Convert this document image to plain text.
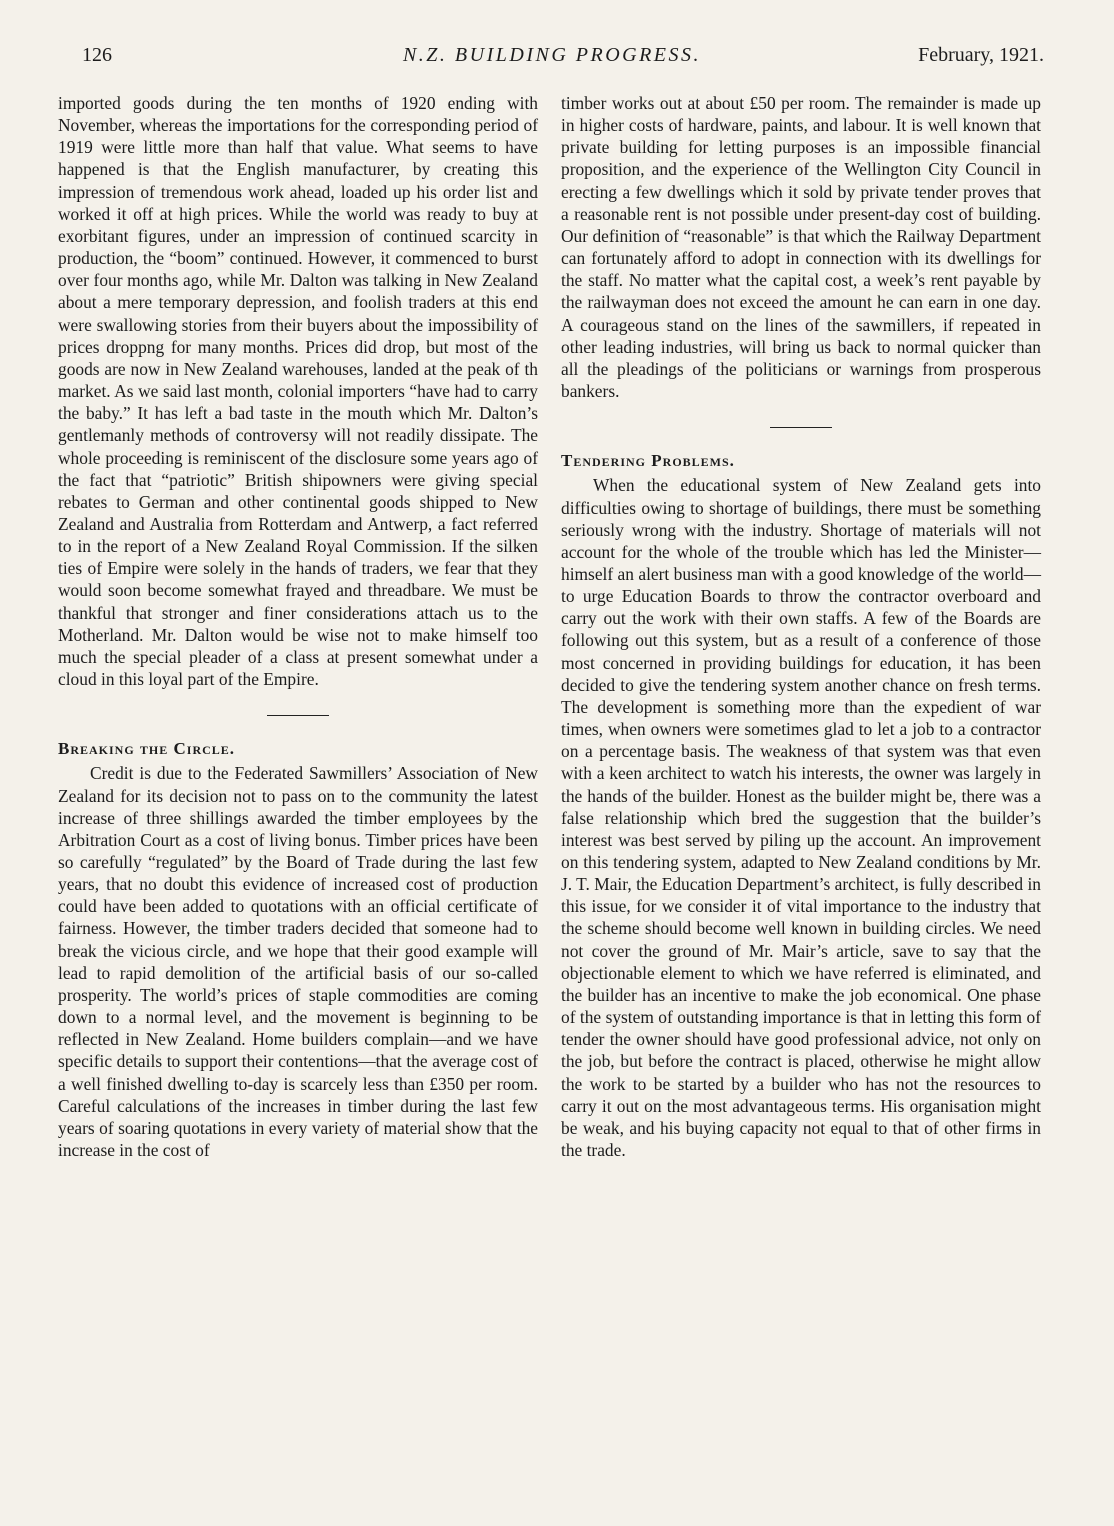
126	N.Z. BUILDING PROGRESS.	February, 1921.

imported goods during the ten months of 1920 ending with November, whereas the importations for the corresponding period of 1919 were little more than half that value. What seems to have happened is that the English manufacturer, by creating this impression of tremendous work ahead, loaded up his order list and worked it off at high prices. While the world was ready to buy at exorbitant figures, under an impression of continued scarcity in production, the “boom” continued. However, it commenced to burst over four months ago, while Mr. Dalton was talking in New Zealand about a mere temporary depression, and foolish traders at this end were swallowing stories from their buyers about the impossibility of prices droppng for many months. Prices did drop, but most of the goods are now in New Zealand warehouses, landed at the peak of th market. As we said last month, colonial importers “have had to carry the baby.” It has left a bad taste in the mouth which Mr. Dalton’s gentlemanly methods of controversy will not readily dissipate. The whole proceeding is reminiscent of the disclosure some years ago of the fact that “patriotic” British shipowners were giving special rebates to German and other continental goods shipped to New Zealand and Australia from Rotterdam and Antwerp, a fact referred to in the report of a New Zealand Royal Commission. If the silken ties of Empire were solely in the hands of traders, we fear that they would soon become somewhat frayed and threadbare. We must be thankful that stronger and finer considerations attach us to the Motherland. Mr. Dalton would be wise not to make himself too much the special pleader of a class at present somewhat under a cloud in this loyal part of the Empire.

Breaking the Circle.

Credit is due to the Federated Sawmillers’ Association of New Zealand for its decision not to pass on to the community the latest increase of three shillings awarded the timber employees by the Arbitration Court as a cost of living bonus. Timber prices have been so carefully “regulated” by the Board of Trade during the last few years, that no doubt this evidence of increased cost of production could have been added to quotations with an official certificate of fairness. However, the timber traders decided that someone had to break the vicious circle, and we hope that their good example will lead to rapid demolition of the artificial basis of our so-called prosperity. The world’s prices of staple commodities are coming down to a normal level, and the movement is beginning to be reflected in New Zealand. Home builders complain—and we have specific details to support their contentions—that the average cost of a well finished dwelling to-day is scarcely less than £350 per room. Careful calculations of the increases in timber during the last few years of soaring quotations in every variety of material show that the increase in the cost of

timber works out at about £50 per room. The remainder is made up in higher costs of hardware, paints, and labour. It is well known that private building for letting purposes is an impossible financial proposition, and the experience of the Wellington City Council in erecting a few dwellings which it sold by private tender proves that a reasonable rent is not possible under present-day cost of building. Our definition of “reasonable” is that which the Railway Department can fortunately afford to adopt in connection with its dwellings for the staff. No matter what the capital cost, a week’s rent payable by the railwayman does not exceed the amount he can earn in one day. A courageous stand on the lines of the sawmillers, if repeated in other leading industries, will bring us back to normal quicker than all the pleadings of the politicians or warnings from prosperous bankers.

Tendering Problems.

When the educational system of New Zealand gets into difficulties owing to shortage of buildings, there must be something seriously wrong with the industry. Shortage of materials will not account for the whole of the trouble which has led the Minister—himself an alert business man with a good knowledge of the world—to urge Education Boards to throw the contractor overboard and carry out the work with their own staffs. A few of the Boards are following out this system, but as a result of a conference of those most concerned in providing buildings for education, it has been decided to give the tendering system another chance on fresh terms. The development is something more than the expedient of war times, when owners were sometimes glad to let a job to a contractor on a percentage basis. The weakness of that system was that even with a keen architect to watch his interests, the owner was largely in the hands of the builder. Honest as the builder might be, there was a false relationship which bred the suggestion that the builder’s interest was best served by piling up the account. An improvement on this tendering system, adapted to New Zealand conditions by Mr. J. T. Mair, the Education Department’s architect, is fully described in this issue, for we consider it of vital importance to the industry that the scheme should become well known in building circles. We need not cover the ground of Mr. Mair’s article, save to say that the objectionable element to which we have referred is eliminated, and the builder has an incentive to make the job economical. One phase of the system of outstanding importance is that in letting this form of tender the owner should have good professional advice, not only on the job, but before the contract is placed, otherwise he might allow the work to be started by a builder who has not the resources to carry it out on the most advantageous terms. His organisation might be weak, and his buying capacity not equal to that of other firms in the trade.
